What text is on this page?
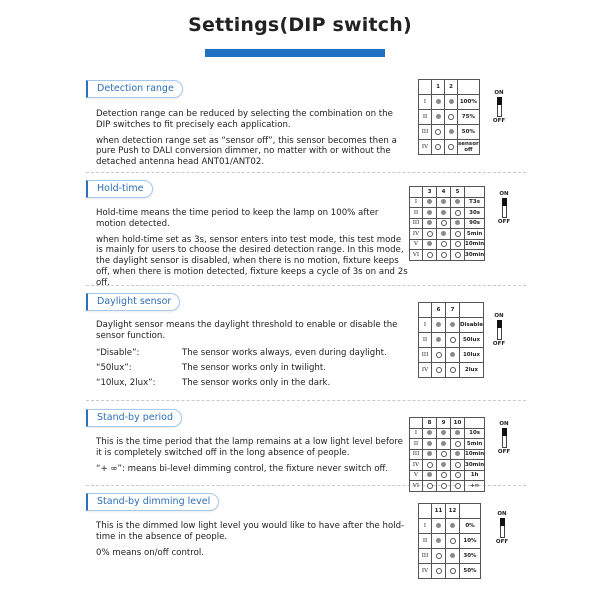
Settings(DIP switch)
Detection range

Detection range can be reduced by selecting the combination on the DIP switches to fit precisely each application.

when detection range set as “sensor off”, this sensor becomes then a pure Push to DALI conversion dimmer, no matter with or without the detached antenna head ANT01/ANT02.

Hold-time

Hold-time means the time period to keep the lamp on 100% after motion detected.

when hold-time set as 3s, sensor enters into test mode, this test mode is mainly for users to choose the desired detection range. In this mode, the daylight sensor is disabled, when there is no motion, fixture keeps off, when there is motion detected, fixture keeps a cycle of 3s on and 2s off.

Daylight sensor

Daylight sensor means the daylight threshold to enable or disable the sensor function.

“Disable”:	The sensor works always, even during daylight.
“50lux”:	The sensor works only in twilight.
“10lux, 2lux”:	The sensor works only in the dark.
Stand-by period

This is the time period that the lamp remains at a low light level before it is completely switched off in the long absence of people.

“+ ∞”: means bi-level dimming control, the fixture never switch off.

Stand-by dimming level

This is the dimmed low light level you would like to have after the hold-time in the absence of people.

0% means on/off control.

	1	2	
I			100%
II			75%
III			50%
IV			sensor off
	3	4	5	
I				T3s
II				30s
III				90s
IV				5min
V				10min
VI				30min
	6	7	
I			Disable
II			50lux
III			10lux
IV			2lux
	8	9	10	
I				10s
II				5min
III				10min
IV				30min
V				1h
VI				+∞
	11	12	
I			0%
II			10%
III			30%
IV			50%
ON
OFF
ON
OFF
ON
OFF
ON
OFF
ON
OFF
